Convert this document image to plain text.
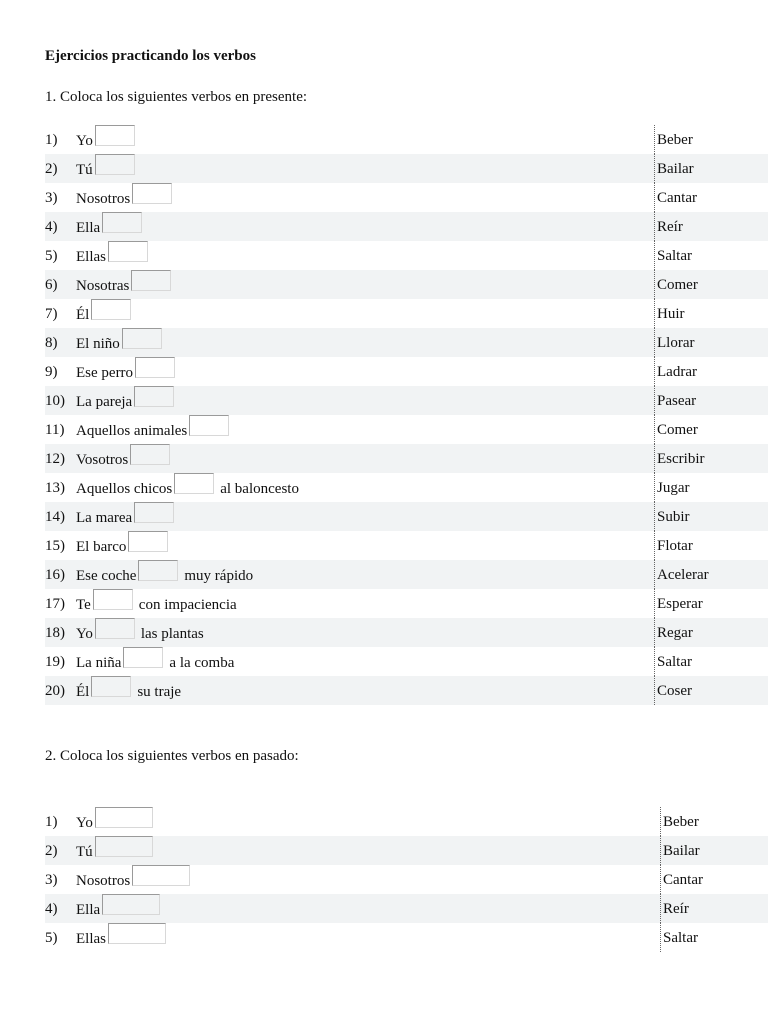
Ejercicios practicando los verbos
1. Coloca los siguientes verbos en presente:
1) Yo	Beber
2) Tú	Bailar
3) Nosotros	Cantar
4) Ella	Reír
5) Ellas	Saltar
6) Nosotras	Comer
7) Él	Huir
8) El niño	Llorar
9) Ese perro	Ladrar
10) La pareja	Pasear
11) Aquellos animales	Comer
12) Vosotros	Escribir
13) Aquellos chicos	al baloncesto	Jugar
14) La marea	Subir
15) El barco	Flotar
16) Ese coche	muy rápido	Acelerar
17) Te	con impaciencia	Esperar
18) Yo	las plantas	Regar
19) La niña	a la comba	Saltar
20) Él	su traje	Coser
2. Coloca los siguientes verbos en pasado:
1) Yo	Beber
2) Tú	Bailar
3) Nosotros	Cantar
4) Ella	Reír
5) Ellas	Saltar
